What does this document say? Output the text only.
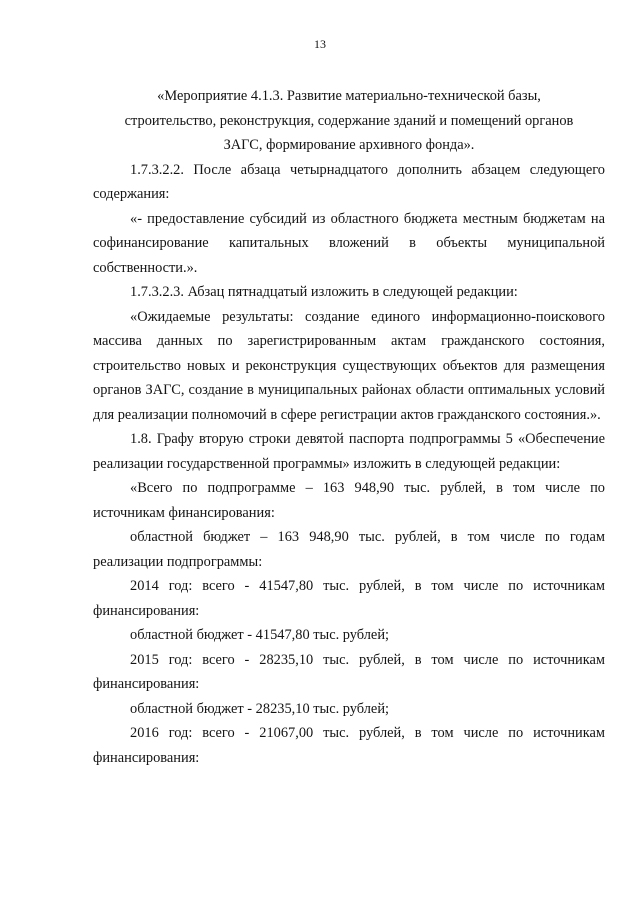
13

«Мероприятие 4.1.3. Развитие материально-технической базы,

строительство, реконструкция, содержание зданий и помещений органов

ЗАГС, формирование архивного фонда».

1.7.3.2.2. После абзаца четырнадцатого дополнить абзацем следующего содержания:

«- предоставление субсидий из областного бюджета местным бюджетам на софинансирование капитальных вложений в объекты муниципальной собственности.».

1.7.3.2.3. Абзац пятнадцатый изложить в следующей редакции:

«Ожидаемые результаты: создание единого информационно-поискового массива данных по зарегистрированным актам гражданского состояния, строительство новых и реконструкция существующих объектов для размещения органов ЗАГС, создание в муниципальных районах области оптимальных условий для реализации полномочий в сфере регистрации актов гражданского состояния.».

1.8. Графу вторую строки девятой паспорта подпрограммы 5 «Обеспечение реализации государственной программы» изложить в следующей редакции:

«Всего по подпрограмме – 163 948,90 тыс. рублей, в том числе по источникам финансирования:

областной бюджет – 163 948,90 тыс. рублей, в том числе по годам реализации подпрограммы:

2014 год: всего - 41547,80 тыс. рублей, в том числе по источникам финансирования:

областной бюджет - 41547,80 тыс. рублей;

2015 год: всего - 28235,10 тыс. рублей, в том числе по источникам финансирования:

областной бюджет - 28235,10 тыс. рублей;

2016 год: всего - 21067,00 тыс. рублей, в том числе по источникам финансирования:
